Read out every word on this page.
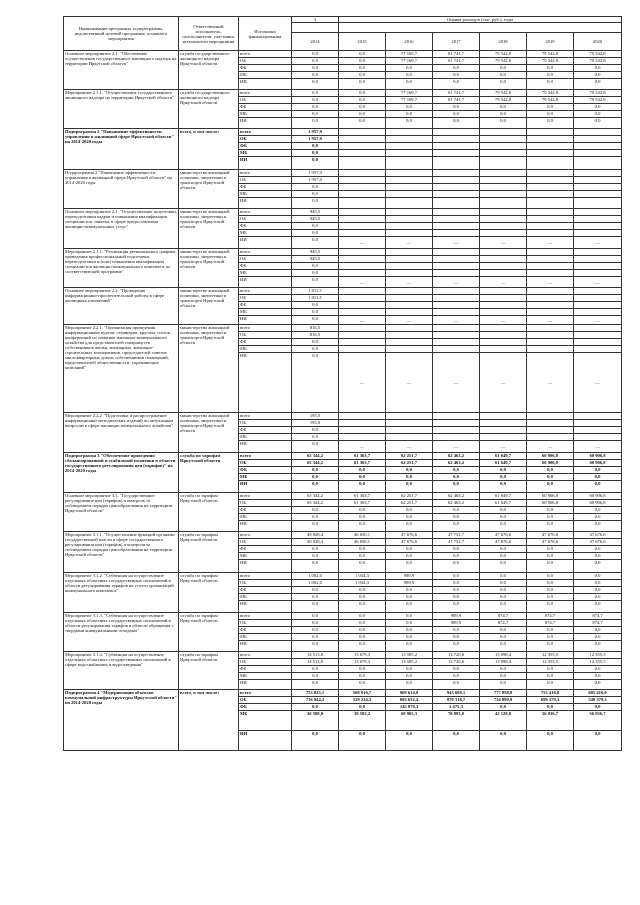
Наименование программы, подпрограммы, ведомственной целевой программы, основного мероприятия	Ответственный исполнитель, соисполнители, участники, исполнители мероприятия	Источники финансирования	3	Оценка расходов (тыс. руб.), годы					

			2014	2015	2016	2017	2018	2019	2020
Основное мероприятие 2.1. "Обеспечение осуществления государственного жилищного надзора на территории Иркутской области"	служба государственного жилищного надзора Иркутской области	всего	0,0	0,0	77 169,7	81 741,7	79 542,8	79 542,8	79 542,8
		ОБ	0,0	0,0	77 169,7	81 741,7	79 542,8	79 542,8	79 542,8
		ФБ	0,0	0,0	0,0	0,0	0,0	0,0	0,0
		МБ	0,0	0,0	0,0	0,0	0,0	0,0	0,0
		ИИ	0,0	0,0	0,0	0,0	0,0	0,0	0,0
Мероприятие 2.1.1. "Осуществление государственного жилищного надзора на территории Иркутской области"	служба государственного жилищного надзора Иркутской области	всего	0,0	0,0	77 169,7	81 741,7	79 542,8	79 542,8	79 542,8
		ОБ	0,0	0,0	77 169,7	81 741,7	79 542,8	79 542,8	79 542,8
		ФБ	0,0	0,0	0,0	0,0	0,0	0,0	0,0
		МБ	0,0	0,0	0,0	0,0	0,0	0,0	0,0
		ИИ	0,0	0,0	0,0	0,0	0,0	0,0	0,0
Подпрограмма 2 "Повышение эффективности управления в жилищной сфере Иркутской области" на 2014-2020 годы	всего, в том числе:	всего	1 957,0						
		ОБ	1 957,0						
		ФБ	0,0						
		МБ	0,0						
		ИИ	0,0						
Подпрограмма 2 "Повышение эффективности управления в жилищной сфере Иркутской области" на 2014-2020 годы	министерство жилищной политики, энергетики и транспорта Иркутской области	всего	1 957,0						
		ОБ	1 957,0						
		ФБ	0,0						
		МБ	0,0						
		ИИ	0,0						
Основное мероприятие 2.1. "Осуществление подготовки, переподготовки кадров и повышения квалификации специалистов, занятых в сфере предоставления жилищно-коммунальных услуг"	министерство жилищной политики, энергетики и транспорта Иркутской области	всего	945,5						
		ОБ	945,5						
		ФБ	0,0						
		МБ	0,0						
		ИИ	0,0	—	—	—	—	—	—
Мероприятие 2.1.1. "Реализация регионального графика проведения профессиональной подготовки, переподготовки и (или) повышения квалификации специалистов жилищно-коммунального комплекса по соответствующей программе"	министерство жилищной политики, энергетики и транспорта Иркутской области	всего	945,5						
		ОБ	945,5						
		ФБ	0,0						
		МБ	0,0						
		ИИ	0,0	—	—	—	—	—	—
Основное мероприятие 2.2. "Проведение информационно-просветительской работы в сфере жилищных отношений"	министерство жилищной политики, энергетики и транспорта Иркутской области	всего	1 011,5						
		ОБ	1 011,5						
		ФБ	0,0						
		МБ	0,0						
		ИИ	0,0	—	—	—	—	—	—
Мероприятие 2.2.1. "Организация проведения информационных курсов, семинаров, круглых столов, конференций по тематике жилищно-коммунального хозяйства для представителей товариществ собственников жилья, жилищных, жилищно-строительных кооперативов, председателей советов многоквартирных домов, собственников помещений, представителей общественности, управляющих компаний"	министерство жилищной политики, энергетики и транспорта Иркутской области	всего	816,5						
		ОБ	816,5						
		ФБ	0,0						
		МБ	0,0						
		ИИ	0,0	—	—	—	—	—	—
Мероприятие 2.2.2. "Подготовка и распространение информационно-методических изданий по актуальным вопросам в сфере жилищно-коммунального хозяйства"	министерство жилищной политики, энергетики и транспорта Иркутской области	всего	195,0						
		ОБ	195,0						
		ФБ	0,0						
		МБ	0,0						
		ИИ	0,0	—	—	—	—	—	—
Подпрограмма 3 "Обеспечение проведения сбалансированной и стабильной политики в области государственного регулирования цен (тарифов)" на 2014-2020 годы	служба по тарифам Иркутской области	всего	65 344,2	61 363,7	62 251,7	62 463,2	61 649,7	60 906,8	60 906,8
		ОБ	65 344,2	61 363,7	62 251,7	62 463,2	61 649,7	60 906,8	60 906,8
		ФБ	0,0	0,0	0,0	0,0	0,0	0,0	0,0
		МБ	0,0	0,0	0,0	0,0	0,0	0,0	0,0
		ИИ	0,0	0,0	0,0	0,0	0,0	0,0	0,0
Основное мероприятие 3.1. "Государственное регулирование цен (тарифов) и контроль за соблюдением порядка ценообразования на территории Иркутской области"	служба по тарифам Иркутской области	всего	65 344,2	61 363,7	62 251,7	62 463,2	61 649,7	60 906,8	60 906,8
		ОБ	65 344,2	61 363,7	62 251,7	62 463,2	61 649,7	60 906,8	60 906,8
		ФБ	0,0	0,0	0,0	0,0	0,0	0,0	0,0
		МБ	0,0	0,0	0,0	0,0	0,0	0,0	0,0
		ИИ	0,0	0,0	0,0	0,0	0,0	0,0	0,0
Мероприятие 3.1.1. "Осуществление функций органами государственной власти в сфере государственного регулирования цен (тарифов) и контроля за соблюдением порядка ценообразования на территории Иркутской области"	служба по тарифам Иркутской области	всего	49 828,4	46 650,1	47 676,6	47 752,7	47 676,6	47 676,6	47 676,6
		ОБ	49 828,4	46 650,1	47 676,6	47 752,7	47 676,6	47 676,6	47 676,6
		ФБ	0,0	0,0	0,0	0,0	0,0	0,0	0,0
		МБ	0,0	0,0	0,0	0,0	0,0	0,0	0,0
		ИИ	0,0	0,0	0,0	0,0	0,0	0,0	0,0
Мероприятие 3.1.2. "Субвенция на осуществление отдельных областных государственных полномочий в области регулирования тарифов на услуги организаций коммунального комплекса"	служба по тарифам Иркутской области	всего	1 002,0	1 034,3	989,9	0,0	0,0	0,0	0,0
		ОБ	1 002,0	1 034,3	989,9	0,0	0,0	0,0	0,0
		ФБ	0,0	0,0	0,0	0,0	0,0	0,0	0,0
		МБ	0,0	0,0	0,0	0,0	0,0	0,0	0,0
		ИИ	0,0	0,0	0,0	0,0	0,0	0,0	0,0
Мероприятие 3.1.3. "Субвенция на осуществление отдельных областных государственных полномочий в области регулирования тарифов в области обращения с твердыми коммунальными отходами"	служба по тарифам Иркутской области	всего	0,0	0,0	0,0	989,9	874,7	874,7	874,7
		ОБ	0,0	0,0	0,0	989,9	874,7	874,7	874,7
		ФБ	0,0	0,0	0,0	0,0	0,0	0,0	0,0
		МБ	0,0	0,0	0,0	0,0	0,0	0,0	0,0
		ИИ	0,0	0,0	0,0	0,0	0,0	0,0	0,0
Мероприятие 3.1.4. "Субвенция на осуществление отдельных областных государственных полномочий в сфере водоснабжения и водоотведения"	служба по тарифам Иркутской области	всего	14 513,8	13 679,3	13 585,2	13 720,6	13 098,4	12 355,5	12 355,5
		ОБ	14 513,8	13 679,3	13 585,2	13 720,6	13 098,4	12 355,5	12 355,5
		ФБ	0,0	0,0	0,0	0,0	0,0	0,0	0,0
		МБ	0,0	0,0	0,0	0,0	0,0	0,0	0,0
		ИИ	0,0	0,0	0,0	0,0	0,0	0,0	0,0
Подпрограмма 4 "Модернизация объектов коммунальной инфраструктуры Иркутской области" на 2014-2020 годы	всего, в том числе:	всего	753 025,1	568 816,7	908 614,0	943 698,1	777 058,9	755 416,0	605 416,0
		ОБ	716 944,2	529 234,5	693 632,4	870 318,7	734 899,9	699 379,3	549 379,3
		ФБ	0,0	0,0	145 078,3	2 475,3	0,0	0,0	0,0
		МБ	36 580,0	39 582,2	69 903,3	70 893,0	42 129,0	56 036,7	56 036,7
		ИИ	0,0	0,0	0,0	0,0	0,0	0,0	0,0
